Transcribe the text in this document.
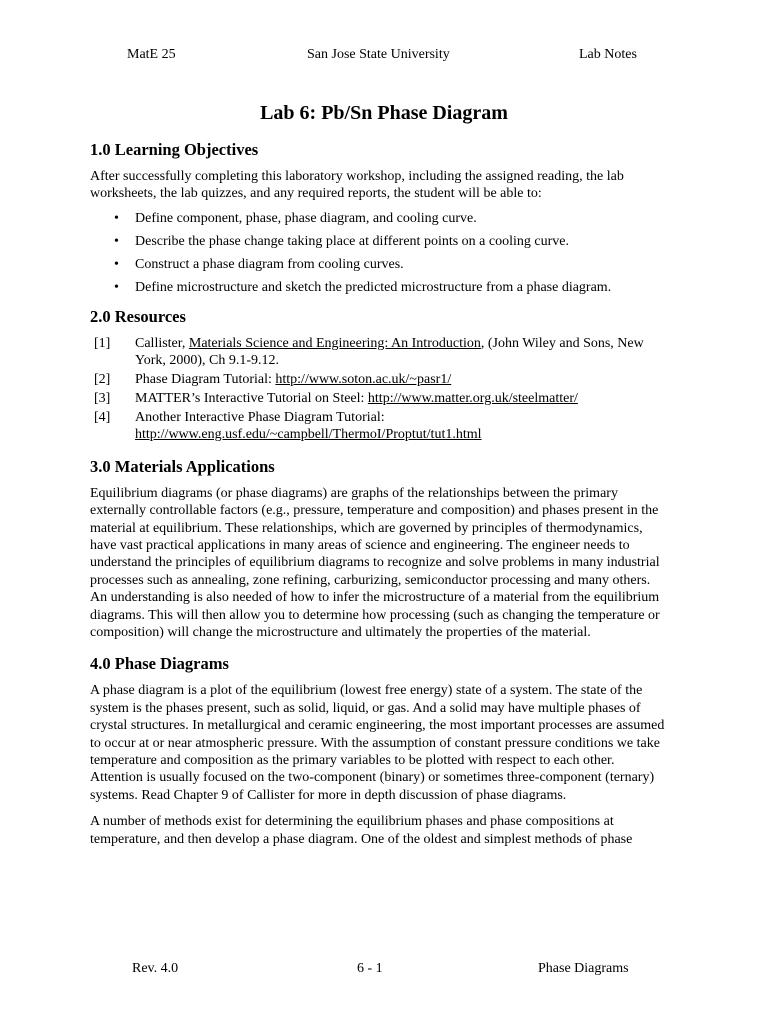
MatE 25	San Jose State University	Lab Notes
Lab 6: Pb/Sn Phase Diagram
1.0 Learning Objectives

After successfully completing this laboratory workshop, including the assigned reading, the lab worksheets, the lab quizzes, and any required reports, the student will be able to:

• Define component, phase, phase diagram, and cooling curve.
• Describe the phase change taking place at different points on a cooling curve.
• Construct a phase diagram from cooling curves.
• Define microstructure and sketch the predicted microstructure from a phase diagram.
2.0 Resources
[1] Callister, Materials Science and Engineering: An Introduction, (John Wiley and Sons, New York, 2000), Ch 9.1-9.12.
[2] Phase Diagram Tutorial: http://www.soton.ac.uk/~pasr1/
[3] MATTER’s Interactive Tutorial on Steel: http://www.matter.org.uk/steelmatter/
[4] Another Interactive Phase Diagram Tutorial:
http://www.eng.usf.edu/~campbell/ThermoI/Proptut/tut1.html
3.0 Materials Applications

Equilibrium diagrams (or phase diagrams) are graphs of the relationships between the primary externally controllable factors (e.g., pressure, temperature and composition) and phases present in the material at equilibrium. These relationships, which are governed by principles of thermodynamics, have vast practical applications in many areas of science and engineering. The engineer needs to understand the principles of equilibrium diagrams to recognize and solve problems in many industrial processes such as annealing, zone refining, carburizing, semiconductor processing and many others. An understanding is also needed of how to infer the microstructure of a material from the equilibrium diagrams. This will then allow you to determine how processing (such as changing the temperature or composition) will change the microstructure and ultimately the properties of the material.

4.0 Phase Diagrams

A phase diagram is a plot of the equilibrium (lowest free energy) state of a system. The state of the system is the phases present, such as solid, liquid, or gas. And a solid may have multiple phases of crystal structures. In metallurgical and ceramic engineering, the most important processes are assumed to occur at or near atmospheric pressure. With the assumption of constant pressure conditions we take temperature and composition as the primary variables to be plotted with respect to each other. Attention is usually focused on the two-component (binary) or sometimes three-component (ternary) systems. Read Chapter 9 of Callister for more in depth discussion of phase diagrams.

A number of methods exist for determining the equilibrium phases and phase compositions at temperature, and then develop a phase diagram. One of the oldest and simplest methods of phase

Rev. 4.0	6 - 1	Phase Diagrams
